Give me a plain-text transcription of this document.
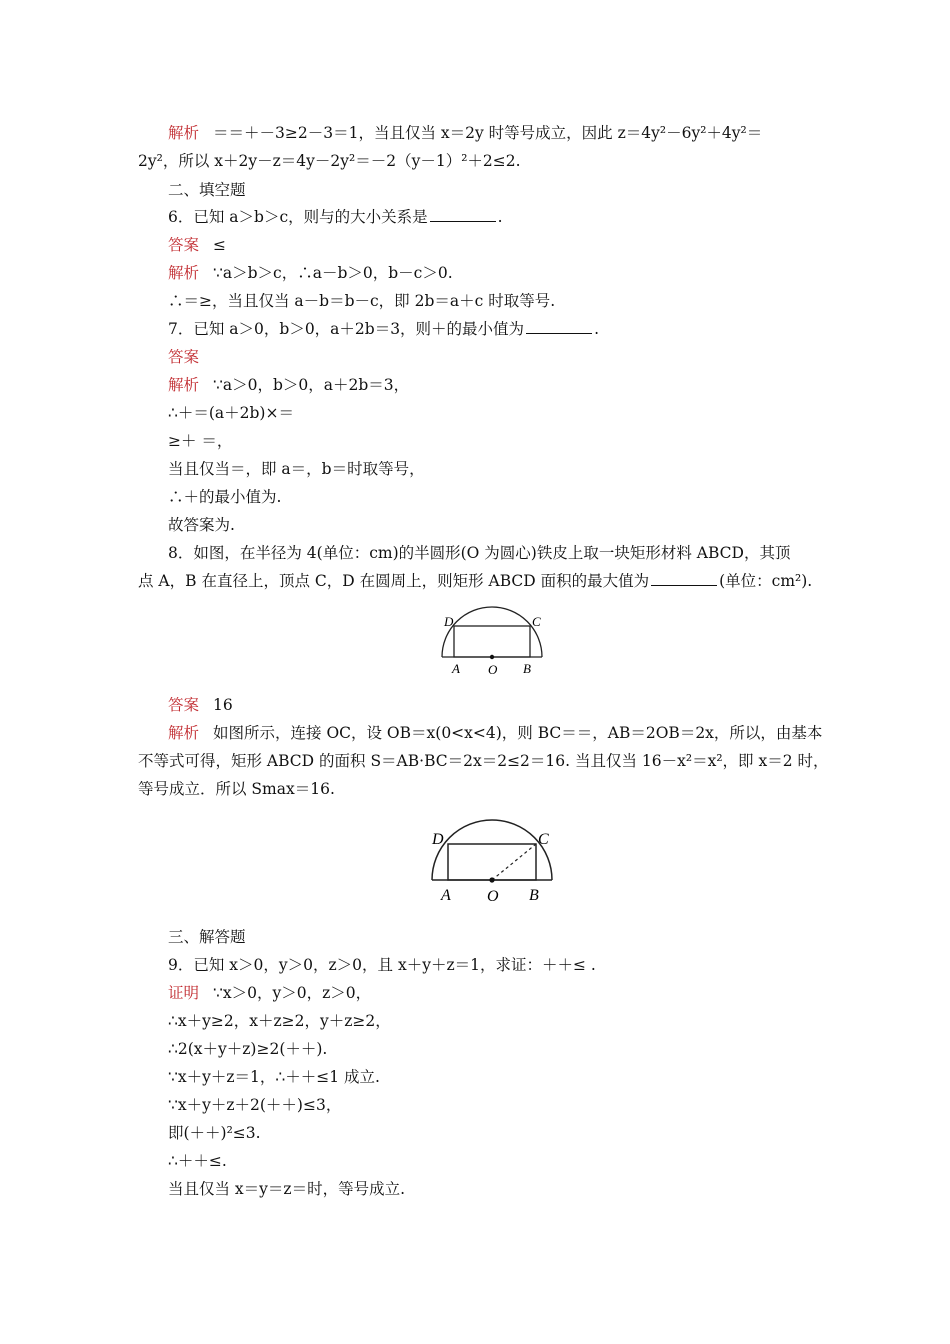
解析 ＝＝＋－3≥2－3＝1，当且仅当 x＝2y 时等号成立，因此 z＝4y²－6y²＋4y²＝
2y²，所以 x＋2y－z＝4y－2y²＝－2（y－1）²＋2≤2.
二、填空题
6．已知 a＞b＞c，则与的大小关系是	.
答案 ≤
解析 ∵a＞b＞c，∴a－b＞0，b－c＞0.
∴＝≥，当且仅当 a－b＝b－c，即 2b＝a＋c 时取等号.
7．已知 a＞0，b＞0，a＋2b＝3，则＋的最小值为	.
答案
解析 ∵a＞0，b＞0，a＋2b＝3，
∴＋＝(a＋2b)×＝
≥＋ ＝，
当且仅当＝，即 a＝，b＝时取等号，
∴＋的最小值为.
故答案为.
8．如图，在半径为 4(单位：cm)的半圆形(O 为圆心)铁皮上取一块矩形材料 ABCD，其顶
点 A，B 在直径上，顶点 C，D 在圆周上，则矩形 ABCD 面积的最大值为	(单位：cm²).
D	C
A O B
答案 16
解析 如图所示，连接 OC，设 OB＝x(0<x<4)，则 BC＝＝，AB＝2OB＝2x，所以，由基本
不等式可得，矩形 ABCD 的面积 S＝AB·BC＝2x＝2≤2＝16. 当且仅当 16－x²＝x²，即 x＝2 时，
等号成立．所以 Smax＝16.
D	C
A O B
三、解答题
9．已知 x＞0，y＞0，z＞0，且 x＋y＋z＝1，求证：＋＋≤ .
证明 ∵x＞0，y＞0，z＞0，
∴x＋y≥2，x＋z≥2，y＋z≥2，
∴2(x＋y＋z)≥2(＋＋).
∵x＋y＋z＝1，∴＋＋≤1 成立.
∵x＋y＋z＋2(＋＋)≤3，
即(＋＋)²≤3.
∴＋＋≤.
当且仅当 x＝y＝z＝时，等号成立.
